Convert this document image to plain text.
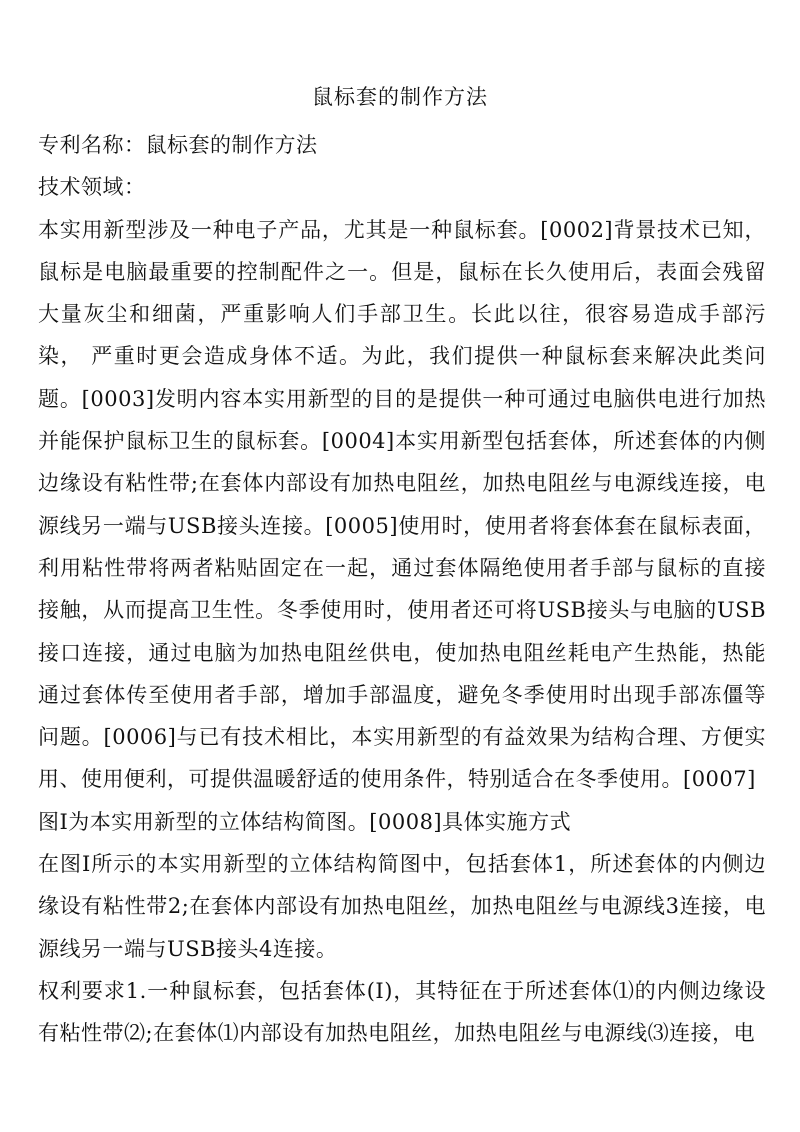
鼠标套的制作方法

专利名称：鼠标套的制作方法

技术领域：

本实用新型涉及一种电子产品，尤其是一种鼠标套。[0002]背景技术已知，鼠标是电脑最重要的控制配件之一。但是，鼠标在长久使用后，表面会残留大量灰尘和细菌，严重影响人们手部卫生。长此以往，很容易造成手部污染， 严重时更会造成身体不适。为此，我们提供一种鼠标套来解决此类问题。[0003]发明内容本实用新型的目的是提供一种可通过电脑供电进行加热并能保护鼠标卫生的鼠标套。[0004]本实用新型包括套体，所述套体的内侧边缘设有粘性带;在套体内部设有加热电阻丝，加热电阻丝与电源线连接，电源线另一端与USB接头连接。[0005]使用时，使用者将套体套在鼠标表面，利用粘性带将两者粘贴固定在一起，通过套体隔绝使用者手部与鼠标的直接接触，从而提高卫生性。冬季使用时，使用者还可将USB接头与电脑的USB接口连接，通过电脑为加热电阻丝供电，使加热电阻丝耗电产生热能，热能通过套体传至使用者手部，增加手部温度，避免冬季使用时出现手部冻僵等问题。[0006]与已有技术相比，本实用新型的有益效果为结构合理、方便实用、使用便利，可提供温暖舒适的使用条件，特别适合在冬季使用。[0007]

图I为本实用新型的立体结构简图。[0008]具体实施方式

在图I所示的本实用新型的立体结构简图中，包括套体1，所述套体的内侧边缘设有粘性带2;在套体内部设有加热电阻丝，加热电阻丝与电源线3连接，电源线另一端与USB接头4连接。

权利要求1.一种鼠标套，包括套体(I)，其特征在于所述套体⑴的内侧边缘设有粘性带⑵;在套体⑴内部设有加热电阻丝，加热电阻丝与电源线⑶连接，电
